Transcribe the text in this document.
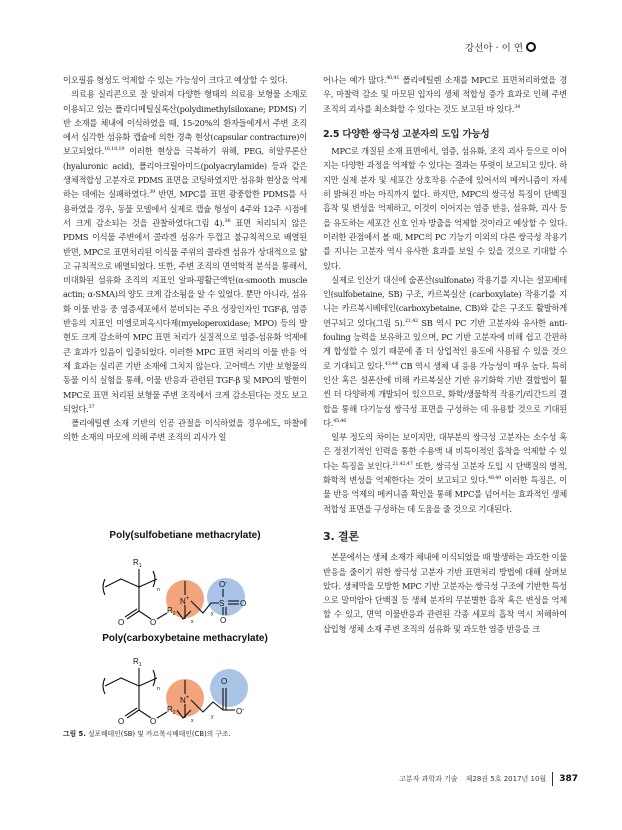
강선아 · 이 연

이오필름 형성도 억제할 수 있는 가능성이 크다고 예상할 수 있다.

의료용 실리콘으로 잘 알려져 다양한 형태의 의료용 보형물 소재로 이용되고 있는 폴리디메틸실록산(polydimethylsiloxane; PDMS) 기반 소재를 체내에 이식하였을 때, 15-20%의 환자들에게서 주변 조직에서 심각한 섬유화 캡슐에 의한 경축 현상(capsular contracture)이 보고되었다.$^{16,18,19}$ 이러한 현상을 극복하기 위해, PEG, 히알루론산(hyaluronic acid), 폴리아크릴아미드(polyacrylamide) 등과 같은 생체적합성 고분자로 PDMS 표면을 코팅하였지만 섬유화 현상을 억제하는 데에는 실패하였다.$^{39}$ 반면, MPC를 표면 광중합한 PDMS를 사용하였을 경우, 동물 모델에서 실제로 캡슐 형성이 4주와 12주 시점에서 크게 감소되는 것을 관찰하였다(그림 4).$^{36}$ 표면 처리되지 않은 PDMS 이식물 주변에서 콜라겐 섬유가 두껍고 불규칙적으로 배열된 반면, MPC로 표면처리된 이식물 주위의 콜라겐 섬유가 상대적으로 얇고 규칙적으로 배열되었다. 또한, 주변 조직의 면역학적 분석을 통해서, 비대화된 섬유화 조직의 지표인 알파-평활근액틴(α-smooth muscle actin; α-SMA)의 양도 크게 감소됨을 알 수 있었다. 뿐만 아니라, 섬유화 이물 반응 중 염증세포에서 분비되는 주요 성장인자인 TGF-β, 염증 반응의 지표인 미엘로퍼옥시다제(myeloperoxidase; MPO) 등의 발현도 크게 감소하여 MPC 표면 처리가 실질적으로 염증-섬유화 억제에 큰 효과가 있음이 입증되었다. 이러한 MPC 표면 처리의 이물 반응 억제 효과는 실리콘 기반 소재에 그치지 않는다. 고어텍스 기반 보형물의 동물 이식 실험을 통해, 이물 반응과 관련된 TGF-β 및 MPO의 발현이 MPC로 표면 처리된 보형물 주변 조직에서 크게 감소된다는 것도 보고되었다.$^{37}$

폴리에틸렌 소재 기반의 인공 관절을 이식하였을 경우에도, 마찰에 의한 소재의 마모에 의해 주변 조직의 괴사가 일

Poly(sulfobetiane methacrylate)
$R_1$
n
O	O
$R_2$
x
N+
y
S
O-
O
O
Poly(carboxybetaine methacrylate)
$R_1$
n
O	O
$R_2$
x
N+
y
O
O-
그림 5. 설포베테인(SB) 및 카르복시베테인(CB)의 구조.

어나는 예가 많다.$^{40,41}$ 폴리에틸렌 소재를 MPC로 표면처리하였을 경우, 마찰력 감소 및 마모된 입자의 생체 적합성 증가 효과로 인해 주변 조직의 괴사를 최소화할 수 있다는 것도 보고된 바 있다.$^{34}$

2.5 다양한 쌍극성 고분자의 도입 가능성

MPC로 개질된 소재 표면에서, 염증, 섬유화, 조직 괴사 등으로 이어지는 다양한 과정을 억제할 수 있다는 결과는 뚜렷이 보고되고 있다. 하지만 실제 분자 및 세포간 상호작용 수준에 있어서의 메커니즘이 자세히 밝혀진 바는 아직까지 없다. 하지만, MPC의 쌍극성 특징이 단백질 흡착 및 변성을 억제하고, 이것이 이어지는 염증 반응, 섬유화, 괴사 등을 유도하는 세포간 신호 인자 방출을 억제할 것이라고 예상할 수 있다. 이러한 관점에서 볼 때, MPC의 PC 기능기 이외의 다른 쌍극성 작용기를 지니는 고분자 역시 유사한 효과를 보일 수 있을 것으로 기대할 수 있다.

실제로 인산기 대신에 술폰산(sulfonate) 작용기를 지니는 설포베테인(sulfobetaine, SB) 구조, 카르복실산 (carboxylate) 작용기를 지니는 카르복시베테인(carboxybetaine, CB)와 같은 구조도 활발하게 연구되고 있다(그림 5).$^{21,42}$ SB 역시 PC 기반 고분자와 유사한 anti-fouling 능력을 보유하고 있으며, PC 기반 고분자에 비해 쉽고 간편하게 합성할 수 있기 때문에 좀 더 상업적인 용도에 사용될 수 있을 것으로 기대되고 있다.$^{43,44}$ CB 역시 생체 내 응용 가능성이 매우 높다. 특히 인산 혹은 설폰산에 비해 카르복실산 기반 유기화학 기반 결합법이 훨씬 더 다양하게 개발되어 있으므로, 화학/생물학적 작용기/리간드의 결합을 통해 다기능성 쌍극성 표면을 구성하는 데 유용할 것으로 기대된다.$^{45,46}$

일부 정도의 차이는 보이지만, 대부분의 쌍극성 고분자는 소수성 혹은 정전기적인 인력을 통한 수용액 내 비특이적인 흡착을 억제할 수 있다는 특징을 보인다.$^{21,42,47}$ 또한, 쌍극성 고분자 도입 시 단백질의 열적, 화학적 변성을 억제한다는 것이 보고되고 있다.$^{48,49}$ 이러한 특징은, 이물 반응 억제의 메커니즘 확인을 통해 MPC를 넘어서는 효과적인 생체 적합성 표면을 구성하는 데 도움을 줄 것으로 기대된다.

3. 결론

본문에서는 생체 소재가 체내에 이식되었을 때 발생하는 과도한 이물 반응을 줄이기 위한 쌍극성 고분자 기반 표면처리 방법에 대해 살펴보았다. 생체막을 모방한 MPC 기반 고분자는 쌍극성 구조에 기반한 특성으로 말미암아 단백질 등 생체 분자의 무분별한 흡착 혹은 변성을 억제할 수 있고, 면역 이물반응과 관련된 각종 세포의 흡착 역시 저해하여 삽입형 생체 소재 주변 조직의 섬유화 및 과도한 염증 반응을 크

고분자 과학과 기술 제28권 5호 2017년 10월 387
